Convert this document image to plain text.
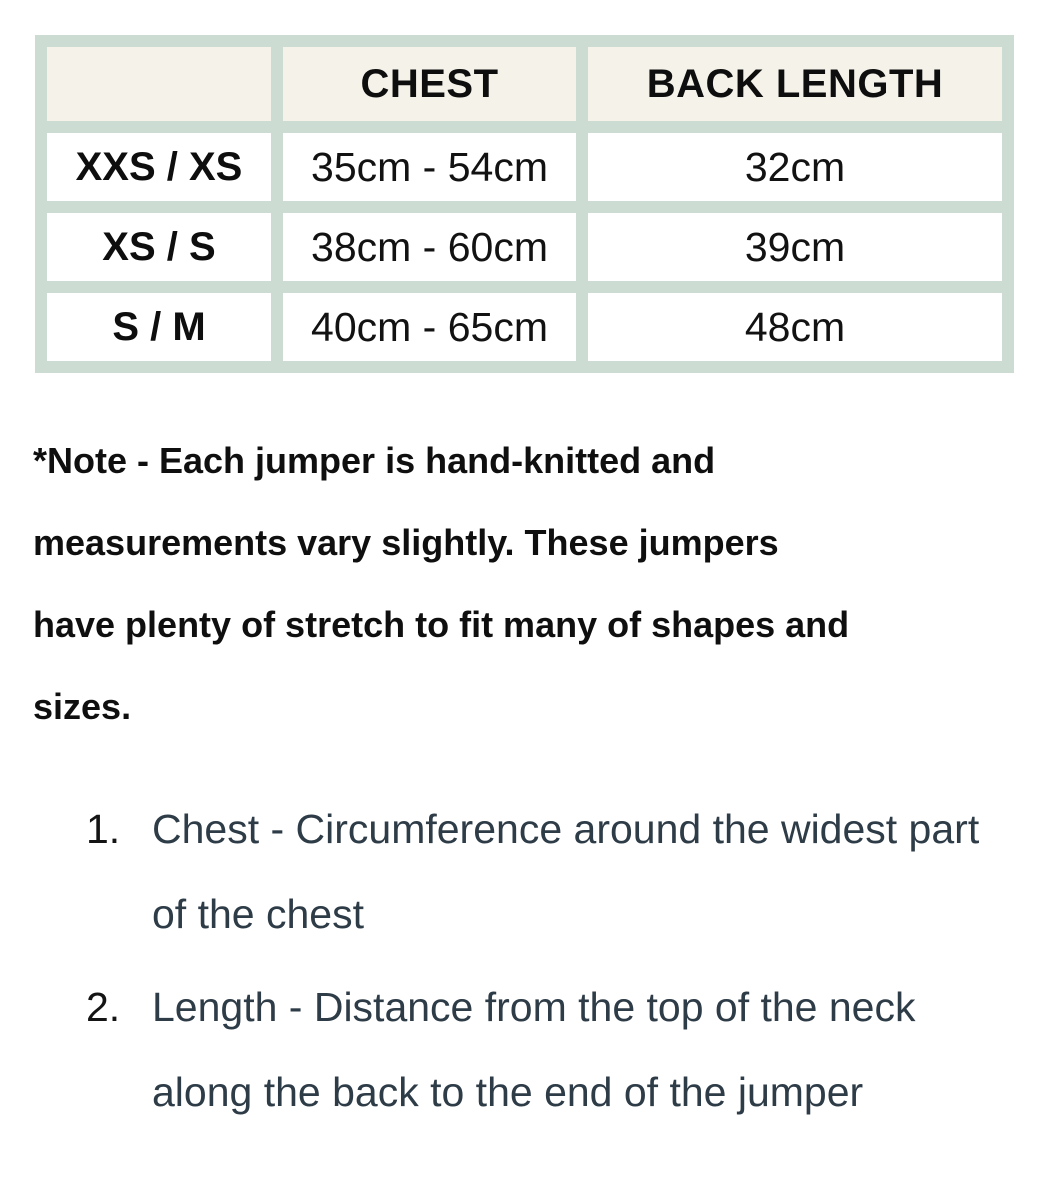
	CHEST	BACK LENGTH
XXS / XS	35cm - 54cm	32cm
XS / S	38cm - 60cm	39cm
S / M	40cm - 65cm	48cm

*Note - Each jumper is hand-knitted and
measurements vary slightly. These jumpers
have plenty of stretch to fit many of shapes and
sizes.

1. Chest - Circumference around the widest part
of the chest
2. Length - Distance from the top of the neck
along the back to the end of the jumper
